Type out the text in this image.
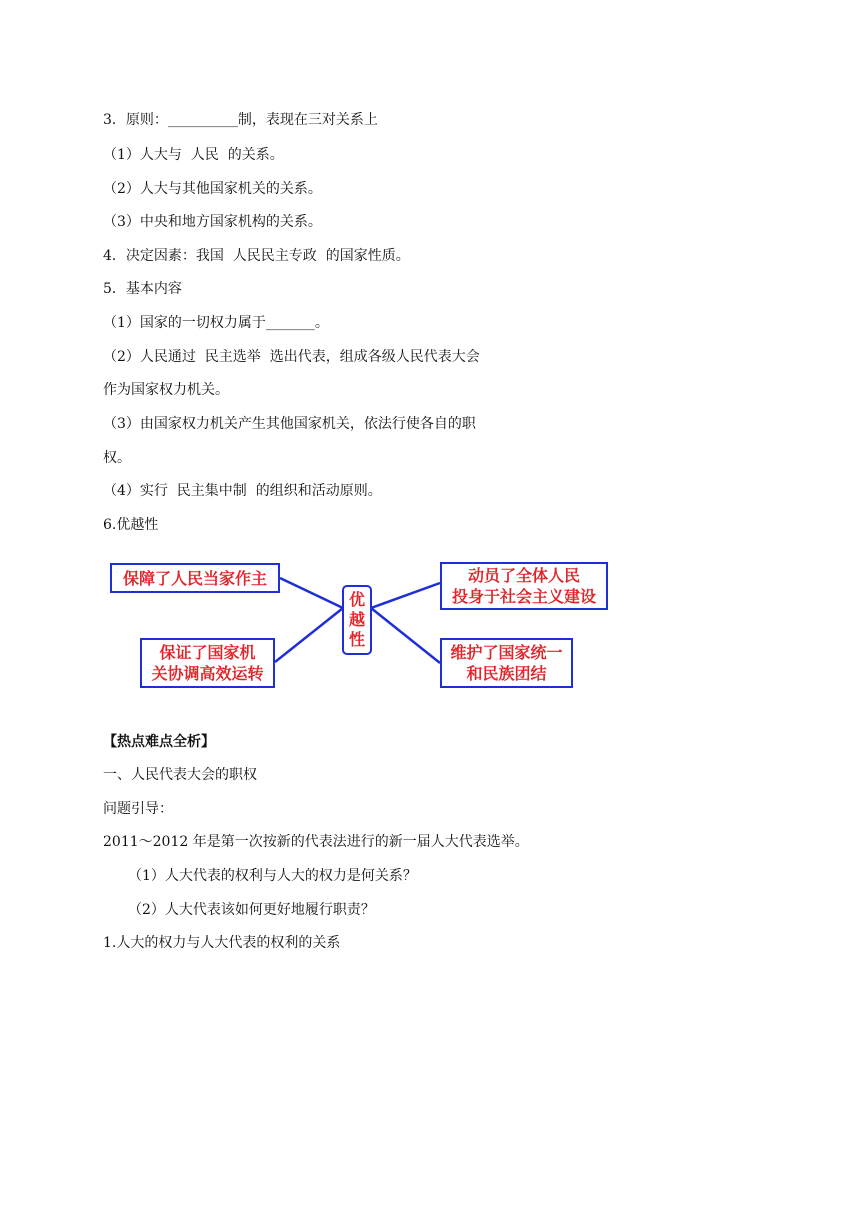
3．原则：__________制，表现在三对关系上
（1）人大与  人民  的关系。
（2）人大与其他国家机关的关系。
（3）中央和地方国家机构的关系。
4．决定因素：我国  人民民主专政  的国家性质。
5．基本内容
（1）国家的一切权力属于_______。
（2）人民通过  民主选举  选出代表，组成各级人民代表大会
作为国家权力机关。
（3）由国家权力机关产生其他国家机关，依法行使各自的职
权。
（4）实行  民主集中制  的组织和活动原则。
6.优越性
保障了人民当家作主
保证了国家机
关协调高效运转
优
越
性
动员了全体人民
投身于社会主义建设
维护了国家统一
和民族团结
【热点难点全析】
一、人民代表大会的职权
问题引导：
2011～2012 年是第一次按新的代表法进行的新一届人大代表选举。
（1）人大代表的权利与人大的权力是何关系？
（2）人大代表该如何更好地履行职责？
1.人大的权力与人大代表的权利的关系
